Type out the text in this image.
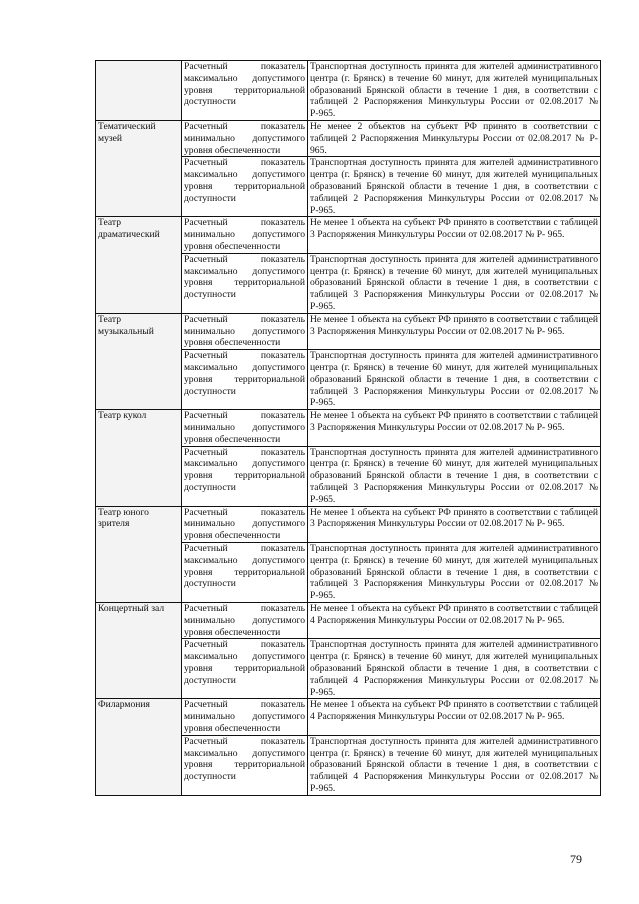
	Расчетный показатель максимально допустимого уровня территориальной доступности	Транспортная доступность принята для жителей административного центра (г. Брянск) в течение 60 минут, для жителей муниципальных образований Брянской области в течение 1 дня, в соответствии с таблицей 2 Распоряжения Минкультуры России от 02.08.2017 № Р-965.
Тематический музей	Расчетный показатель минимально допустимого уровня обеспеченности	Не менее 2 объектов на субъект РФ принято в соответствии с таблицей 2 Распоряжения Минкультуры России от 02.08.2017 № Р- 965.
	Расчетный показатель максимально допустимого уровня территориальной доступности	Транспортная доступность принята для жителей административного центра (г. Брянск) в течение 60 минут, для жителей муниципальных образований Брянской области в течение 1 дня, в соответствии с таблицей 2 Распоряжения Минкультуры России от 02.08.2017 № Р-965.
Театр драматический	Расчетный показатель минимально допустимого уровня обеспеченности	Не менее 1 объекта на субъект РФ принято в соответствии с таблицей 3 Распоряжения Минкультуры России от 02.08.2017 № Р- 965.
	Расчетный показатель максимально допустимого уровня территориальной доступности	Транспортная доступность принята для жителей административного центра (г. Брянск) в течение 60 минут, для жителей муниципальных образований Брянской области в течение 1 дня, в соответствии с таблицей 3 Распоряжения Минкультуры России от 02.08.2017 № Р-965.
Театр музыкальный	Расчетный показатель минимально допустимого уровня обеспеченности	Не менее 1 объекта на субъект РФ принято в соответствии с таблицей 3 Распоряжения Минкультуры России от 02.08.2017 № Р- 965.
	Расчетный показатель максимально допустимого уровня территориальной доступности	Транспортная доступность принята для жителей административного центра (г. Брянск) в течение 60 минут, для жителей муниципальных образований Брянской области в течение 1 дня, в соответствии с таблицей 3 Распоряжения Минкультуры России от 02.08.2017 № Р-965.
Театр кукол	Расчетный показатель минимально допустимого уровня обеспеченности	Не менее 1 объекта на субъект РФ принято в соответствии с таблицей 3 Распоряжения Минкультуры России от 02.08.2017 № Р- 965.
	Расчетный показатель максимально допустимого уровня территориальной доступности	Транспортная доступность принята для жителей административного центра (г. Брянск) в течение 60 минут, для жителей муниципальных образований Брянской области в течение 1 дня, в соответствии с таблицей 3 Распоряжения Минкультуры России от 02.08.2017 № Р-965.
Театр юного зрителя	Расчетный показатель минимально допустимого уровня обеспеченности	Не менее 1 объекта на субъект РФ принято в соответствии с таблицей 3 Распоряжения Минкультуры России от 02.08.2017 № Р- 965.
	Расчетный показатель максимально допустимого уровня территориальной доступности	Транспортная доступность принята для жителей административного центра (г. Брянск) в течение 60 минут, для жителей муниципальных образований Брянской области в течение 1 дня, в соответствии с таблицей 3 Распоряжения Минкультуры России от 02.08.2017 № Р-965.
Концертный зал	Расчетный показатель минимально допустимого уровня обеспеченности	Не менее 1 объекта на субъект РФ принято в соответствии с таблицей 4 Распоряжения Минкультуры России от 02.08.2017 № Р- 965.
	Расчетный показатель максимально допустимого уровня территориальной доступности	Транспортная доступность принята для жителей административного центра (г. Брянск) в течение 60 минут, для жителей муниципальных образований Брянской области в течение 1 дня, в соответствии с таблицей 4 Распоряжения Минкультуры России от 02.08.2017 № Р-965.
Филармония	Расчетный показатель минимально допустимого уровня обеспеченности	Не менее 1 объекта на субъект РФ принято в соответствии с таблицей 4 Распоряжения Минкультуры России от 02.08.2017 № Р- 965.
	Расчетный показатель максимально допустимого уровня территориальной доступности	Транспортная доступность принята для жителей административного центра (г. Брянск) в течение 60 минут, для жителей муниципальных образований Брянской области в течение 1 дня, в соответствии с таблицей 4 Распоряжения Минкультуры России от 02.08.2017 № Р-965.
79
